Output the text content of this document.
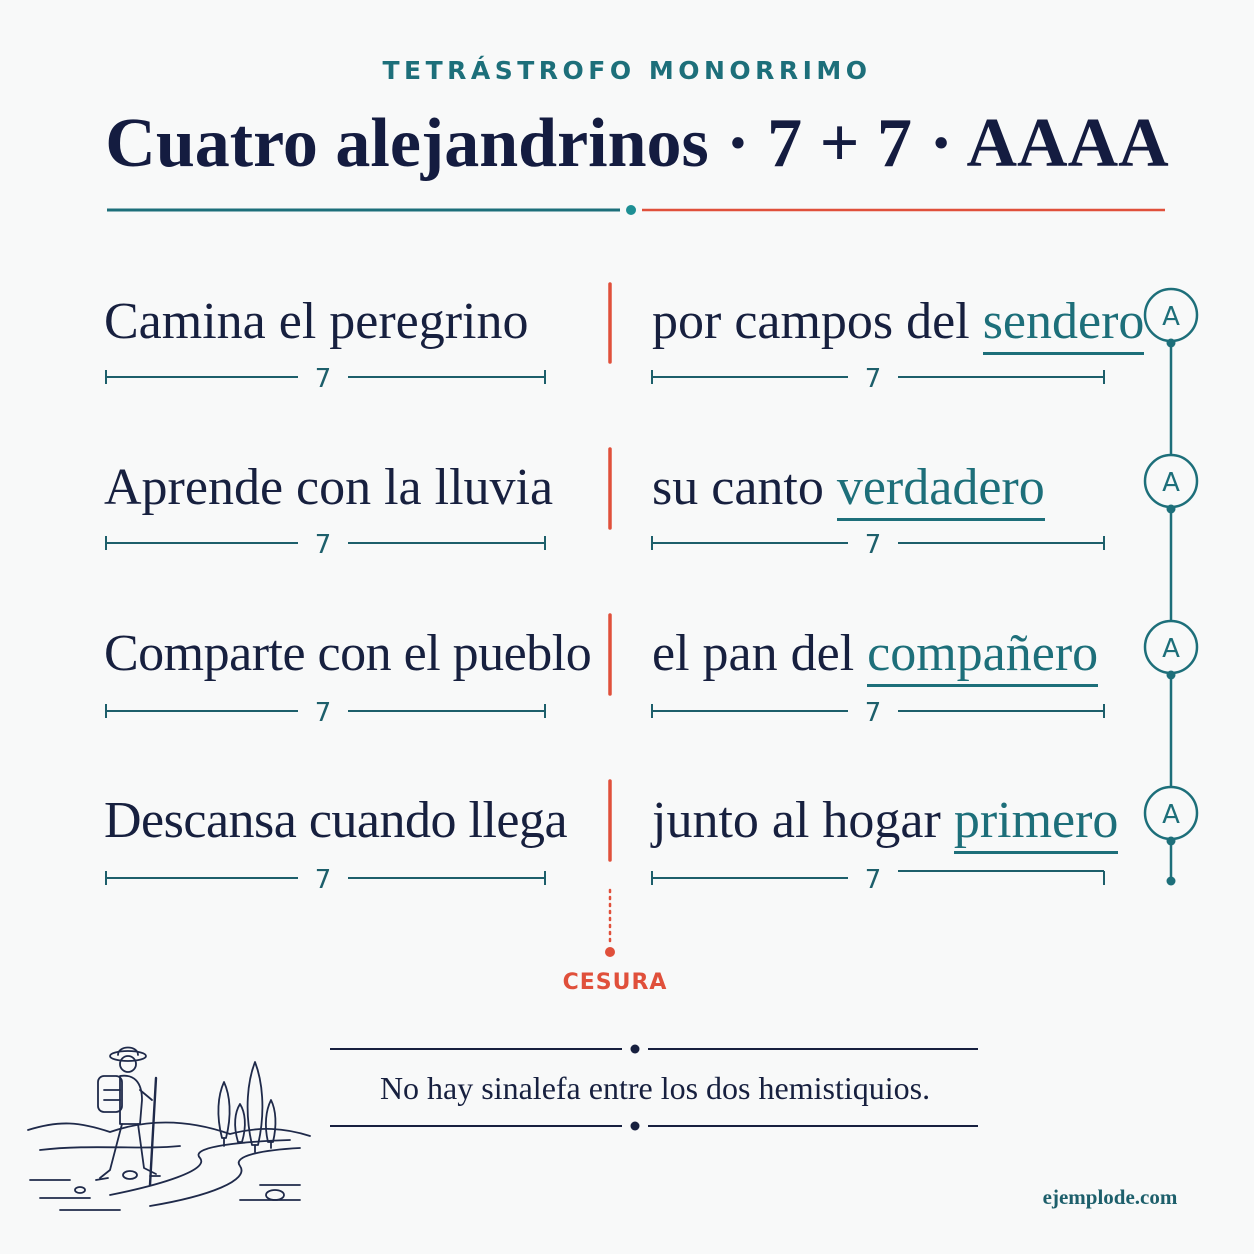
TETRÁSTROFO MONORRIMO
Cuatro alejandrinos · 7 + 7 · AAAA
Camina el peregrino por campos del sendero
7	7
Aprende con la lluvia su canto verdadero
7	7
Comparte con el pueblo el pan del compañero
7	7
Descansa cuando llega junto al hogar primero
7	7
A
A
A
A
CESURA
No hay sinalefa entre los dos hemistiquios.
ejemplode.com
